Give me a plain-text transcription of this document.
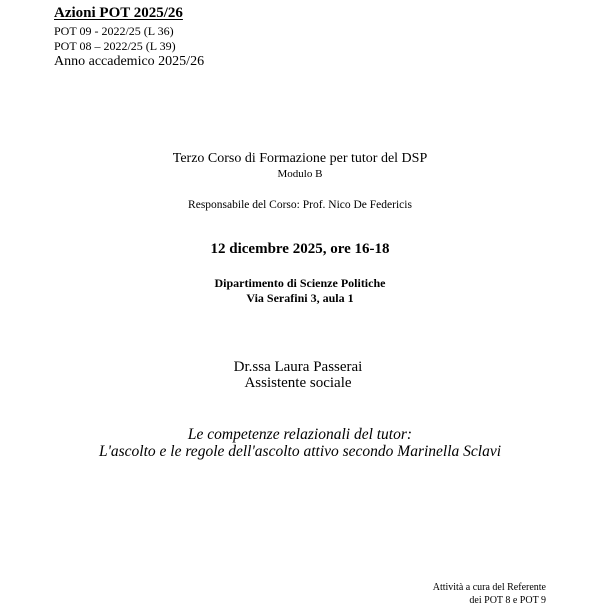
Azioni POT 2025/26
POT 09 - 2022/25 (L 36)
POT 08 – 2022/25 (L 39)
Anno accademico 2025/26
Terzo Corso di Formazione per tutor del DSP
Modulo B
Responsabile del Corso: Prof. Nico De Federicis
12 dicembre 2025, ore 16-18
Dipartimento di Scienze Politiche
Via Serafini 3, aula 1
Dr.ssa Laura Passerai
Assistente sociale
Le competenze relazionali del tutor:
L'ascolto e le regole dell'ascolto attivo secondo Marinella Sclavi
Attività a cura del Referente
dei POT 8 e POT 9
